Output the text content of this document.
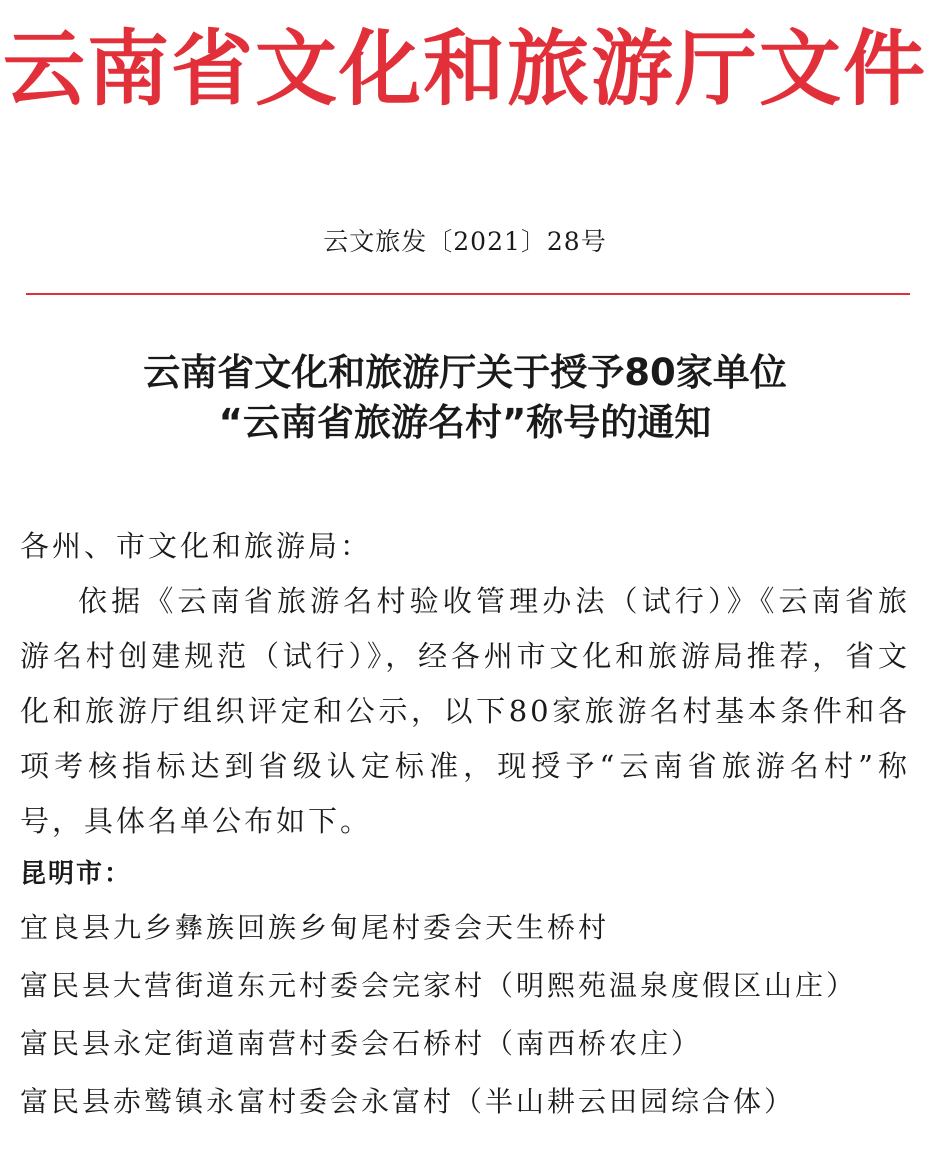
云南省文化和旅游厅文件
云文旅发〔2021〕28号
云南省文化和旅游厅关于授予80家单位
“云南省旅游名村”称号的通知
各州、市文化和旅游局：

依据《云南省旅游名村验收管理办法（试行）》《云南省旅游名村创建规范（试行）》，经各州市文化和旅游局推荐，省文化和旅游厅组织评定和公示，以下80家旅游名村基本条件和各项考核指标达到省级认定标准，现授予“云南省旅游名村”称号，具体名单公布如下。

昆明市：
宜良县九乡彝族回族乡甸尾村委会天生桥村
富民县大营街道东元村委会完家村（明熙苑温泉度假区山庄）
富民县永定街道南营村委会石桥村（南西桥农庄）
富民县赤鹫镇永富村委会永富村（半山耕云田园综合体）
